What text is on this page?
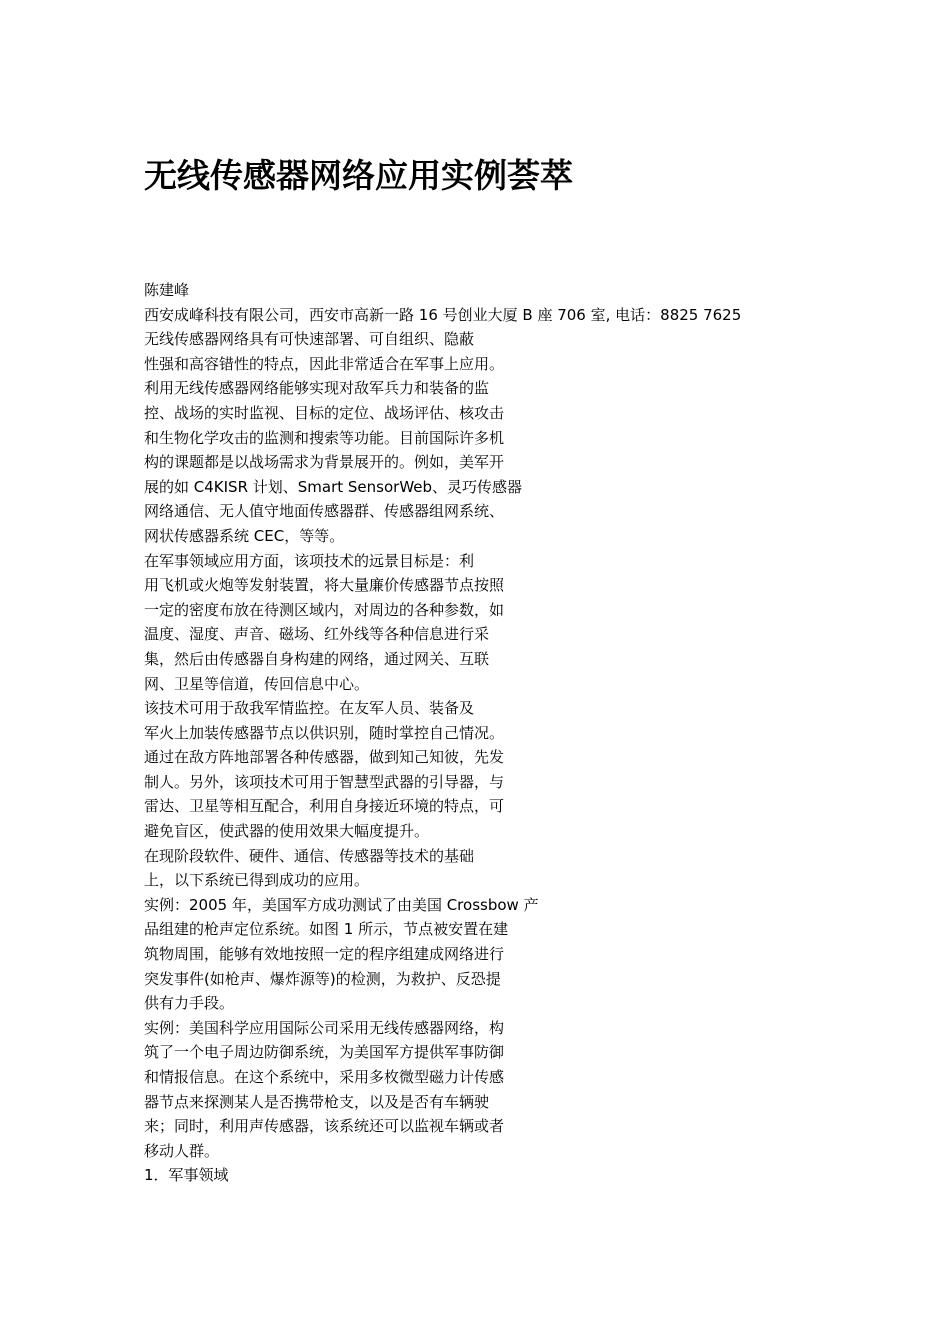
无线传感器网络应用实例荟萃
陈建峰
西安成峰科技有限公司，西安市高新一路 16 号创业大厦 B 座 706 室, 电话：8825 7625
无线传感器网络具有可快速部署、可自组织、隐蔽
性强和高容错性的特点，因此非常适合在军事上应用。
利用无线传感器网络能够实现对敌军兵力和装备的监
控、战场的实时监视、目标的定位、战场评估、核攻击
和生物化学攻击的监测和搜索等功能。目前国际许多机
构的课题都是以战场需求为背景展开的。例如，美军开
展的如 C4KISR 计划、Smart SensorWeb、灵巧传感器
网络通信、无人值守地面传感器群、传感器组网系统、
网状传感器系统 CEC，等等。
在军事领域应用方面，该项技术的远景目标是：利
用飞机或火炮等发射装置，将大量廉价传感器节点按照
一定的密度布放在待测区域内，对周边的各种参数，如
温度、湿度、声音、磁场、红外线等各种信息进行采
集，然后由传感器自身构建的网络，通过网关、互联
网、卫星等信道，传回信息中心。
该技术可用于敌我军情监控。在友军人员、装备及
军火上加装传感器节点以供识别，随时掌控自己情况。
通过在敌方阵地部署各种传感器，做到知己知彼，先发
制人。另外，该项技术可用于智慧型武器的引导器，与
雷达、卫星等相互配合，利用自身接近环境的特点，可
避免盲区，使武器的使用效果大幅度提升。
在现阶段软件、硬件、通信、传感器等技术的基础
上，以下系统已得到成功的应用。
实例：2005 年，美国军方成功测试了由美国 Crossbow 产
品组建的枪声定位系统。如图 1 所示，节点被安置在建
筑物周围，能够有效地按照一定的程序组建成网络进行
突发事件(如枪声、爆炸源等)的检测，为救护、反恐提
供有力手段。
实例：美国科学应用国际公司采用无线传感器网络，构
筑了一个电子周边防御系统，为美国军方提供军事防御
和情报信息。在这个系统中，采用多枚微型磁力计传感
器节点来探测某人是否携带枪支，以及是否有车辆驶
来；同时，利用声传感器，该系统还可以监视车辆或者
移动人群。
1．军事领域
